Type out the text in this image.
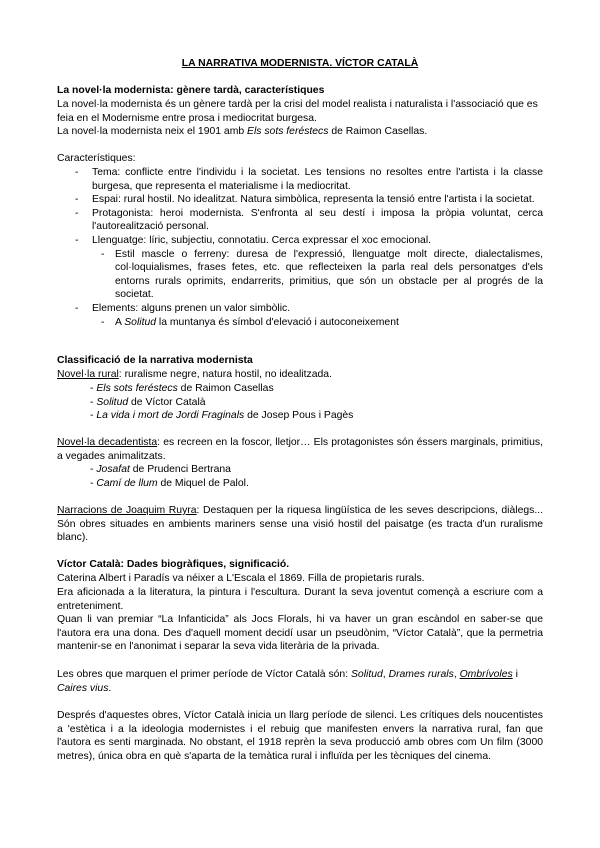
LA NARRATIVA MODERNISTA. VÍCTOR CATALÀ

La novel·la modernista: gènere tardà, característiques

La novel·la modernista és un gènere tardà per la crisi del model realista i naturalista i l'associació que es feia en el Modernisme entre prosa i mediocritat burgesa.

La novel·la modernista neix el 1901 amb Els sots feréstecs de Raimon Casellas.

Característiques:

- Tema: conflicte entre l'individu i la societat. Les tensions no resoltes entre l'artista i la classe burgesa, que representa el materialisme i la mediocritat.
- Espai: rural hostil. No idealitzat. Natura simbòlica, representa la tensió entre l'artista i la societat.
- Protagonista: heroi modernista. S'enfronta al seu destí i imposa la pròpia voluntat, cerca l'autorealització personal.
- Llenguatge: líric, subjectiu, connotatiu. Cerca expressar el xoc emocional.
- Estil mascle o ferreny: duresa de l'expressió, llenguatge molt directe, dialectalismes, col·loquialismes, frases fetes, etc. que reflecteixen la parla real dels personatges d'els entorns rurals oprimits, endarrerits, primitius, que són un obstacle per al progrés de la societat.
- Elements: alguns prenen un valor simbòlic.
- A Solitud la muntanya és símbol d'elevació i autoconeixement

Classificació de la narrativa modernista

Novel·la rural: ruralisme negre, natura hostil, no idealitzada.

- Els sots feréstecs de Raimon Casellas
- Solitud de Víctor Català
- La vida i mort de Jordi Fraginals de Josep Pous i Pagès

Novel·la decadentista: es recreen en la foscor, lletjor… Els protagonistes són éssers marginals, primitius, a vegades animalitzats.

- Josafat de Prudenci Bertrana
- Camí de llum de Miquel de Palol.

Narracions de Joaquim Ruyra: Destaquen per la riquesa lingüística de les seves descripcions, diàlegs... Són obres situades en ambients mariners sense una visió hostil del paisatge (es tracta d'un ruralisme blanc).

Víctor Català: Dades biogràfiques, significació.

Caterina Albert i Paradís va néixer a L'Escala el 1869. Filla de propietaris rurals.

Era aficionada a la literatura, la pintura i l'escultura. Durant la seva joventut començà a escriure com a entreteniment.

Quan li van premiar “La Infanticida” als Jocs Florals, hi va haver un gran escàndol en saber-se que l'autora era una dona. Des d'aquell moment decidí usar un pseudònim, “Víctor Català”, que la permetria mantenir-se en l'anonimat i separar la seva vida literària de la privada.

Les obres que marquen el primer període de Víctor Català són: Solitud, Drames rurals, Ombrívoles i Caires vius.

Després d'aquestes obres, Víctor Català inicia un llarg període de silenci. Les crítiques dels noucentistes a 'estètica i a la ideologia modernistes i el rebuig que manifesten envers la narrativa rural, fan que l'autora es senti marginada. No obstant, el 1918 reprèn la seva producció amb obres com Un film (3000 metres), única obra en què s'aparta de la temàtica rural i influïda per les tècniques del cinema.
